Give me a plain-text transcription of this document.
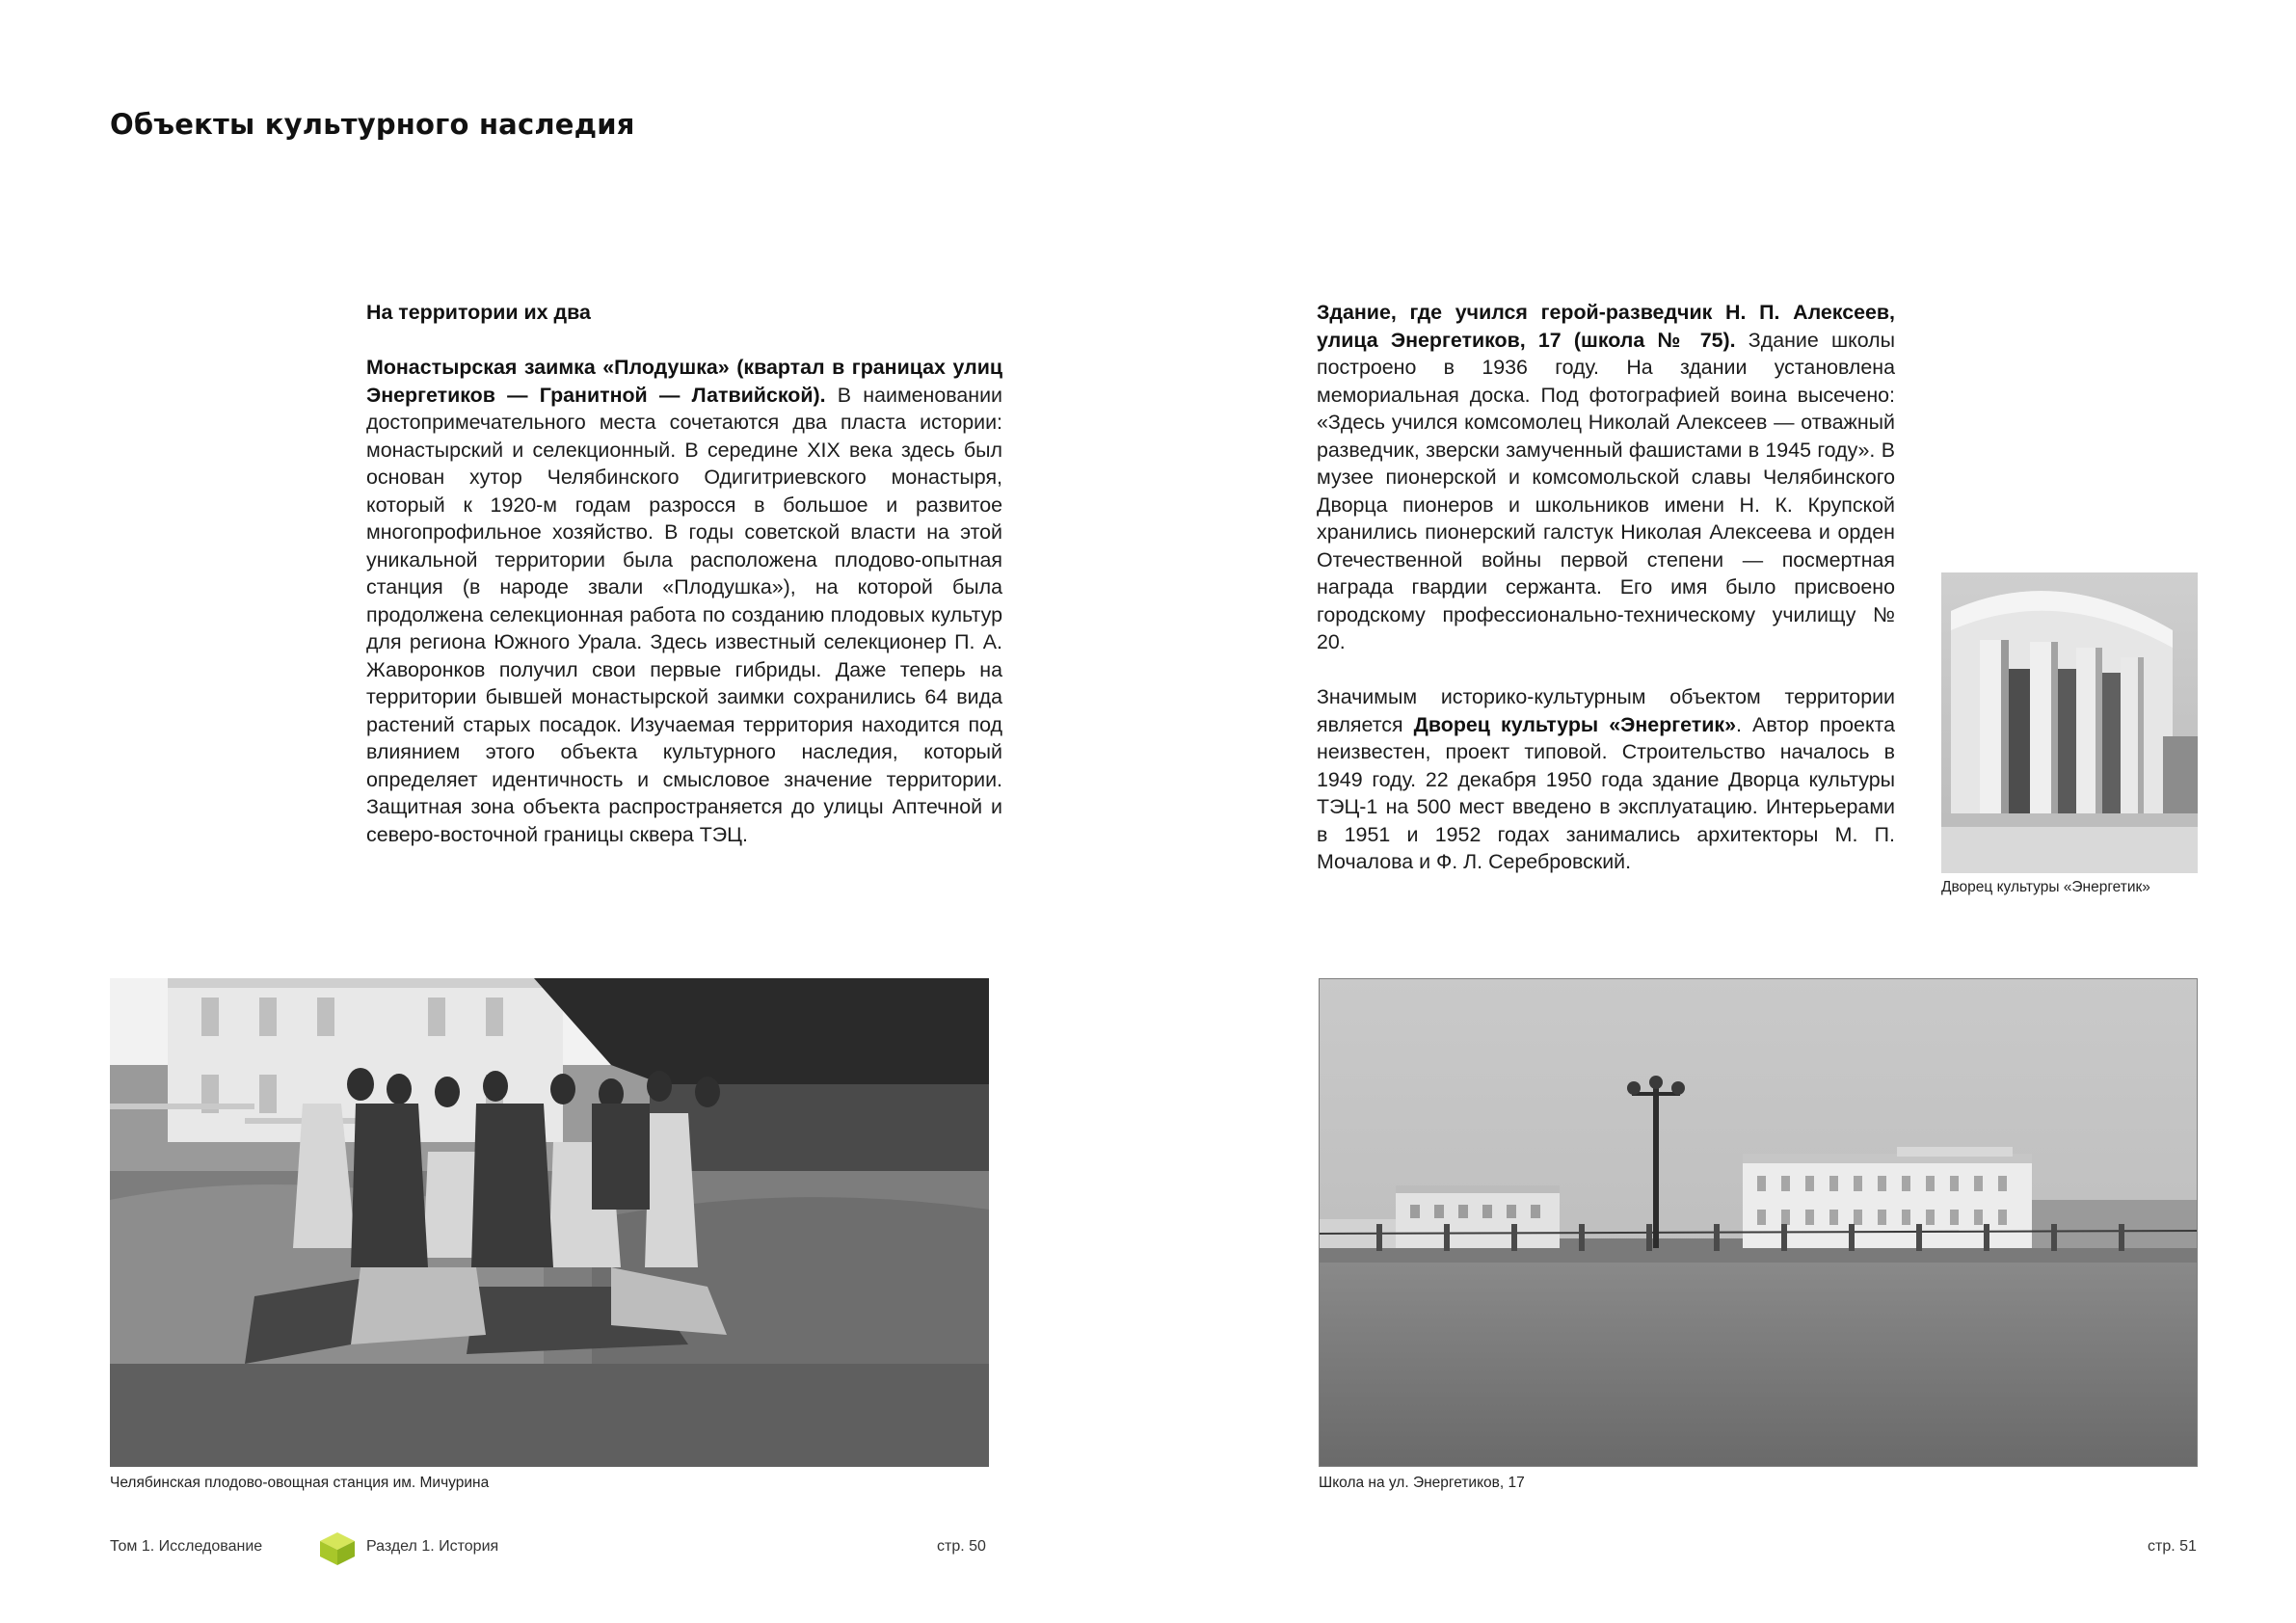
Объекты культурного наследия

На территории их два

Монастырская заимка «Плодушка» (квартал в границах улиц Энергетиков — Гранитной — Латвийской). В наименовании достопримечательного места сочетаются два пласта истории: монастырский и селекционный. В середине XIX века здесь был основан хутор Челябинского Одигитриевского монастыря, который к 1920-м годам разросся в большое и развитое многопрофильное хозяйство. В годы советской власти на этой уникальной территории была расположена плодово-опытная станция (в народе звали «Плодушка»), на которой была продолжена селекционная работа по созданию плодовых культур для региона Южного Урала. Здесь известный селекционер П. А. Жаворонков получил свои первые гибриды. Даже теперь на территории бывшей монастырской заимки сохранились 64 вида растений старых посадок. Изучаемая территория находится под влиянием этого объекта культурного наследия, который определяет идентичность и смысловое значение территории. Защитная зона объекта распространяется до улицы Аптечной и северо-восточной границы сквера ТЭЦ.

Здание, где учился герой-разведчик Н. П. Алексеев, улица Энергетиков, 17 (школа № 75). Здание школы построено в 1936 году. На здании установлена мемориальная доска. Под фотографией воина высечено: «Здесь учился комсомолец Николай Алексеев — отважный разведчик, зверски замученный фашистами в 1945 году». В музее пионерской и комсомольской славы Челябинского Дворца пионеров и школьников имени Н. К. Крупской хранились пионерский галстук Николая Алексеева и орден Отечественной войны первой степени — посмертная награда гвардии сержанта. Его имя было присвоено городскому профессионально-техническому училищу № 20.

Значимым историко-культурным объектом территории является Дворец культуры «Энергетик». Автор проекта неизвестен, проект типовой. Строительство началось в 1949 году. 22 декабря 1950 года здание Дворца культуры ТЭЦ-1 на 500 мест введено в эксплуатацию. Интерьерами в 1951 и 1952 годах занимались архитекторы М. П. Мочалова и Ф. Л. Серебровский.

Дворец культуры «Энергетик»
Челябинская плодово-овощная станция им. Мичурина	Школа на ул. Энергетиков, 17
Том 1. Исследование	Раздел 1. История	стр. 50	стр. 51
